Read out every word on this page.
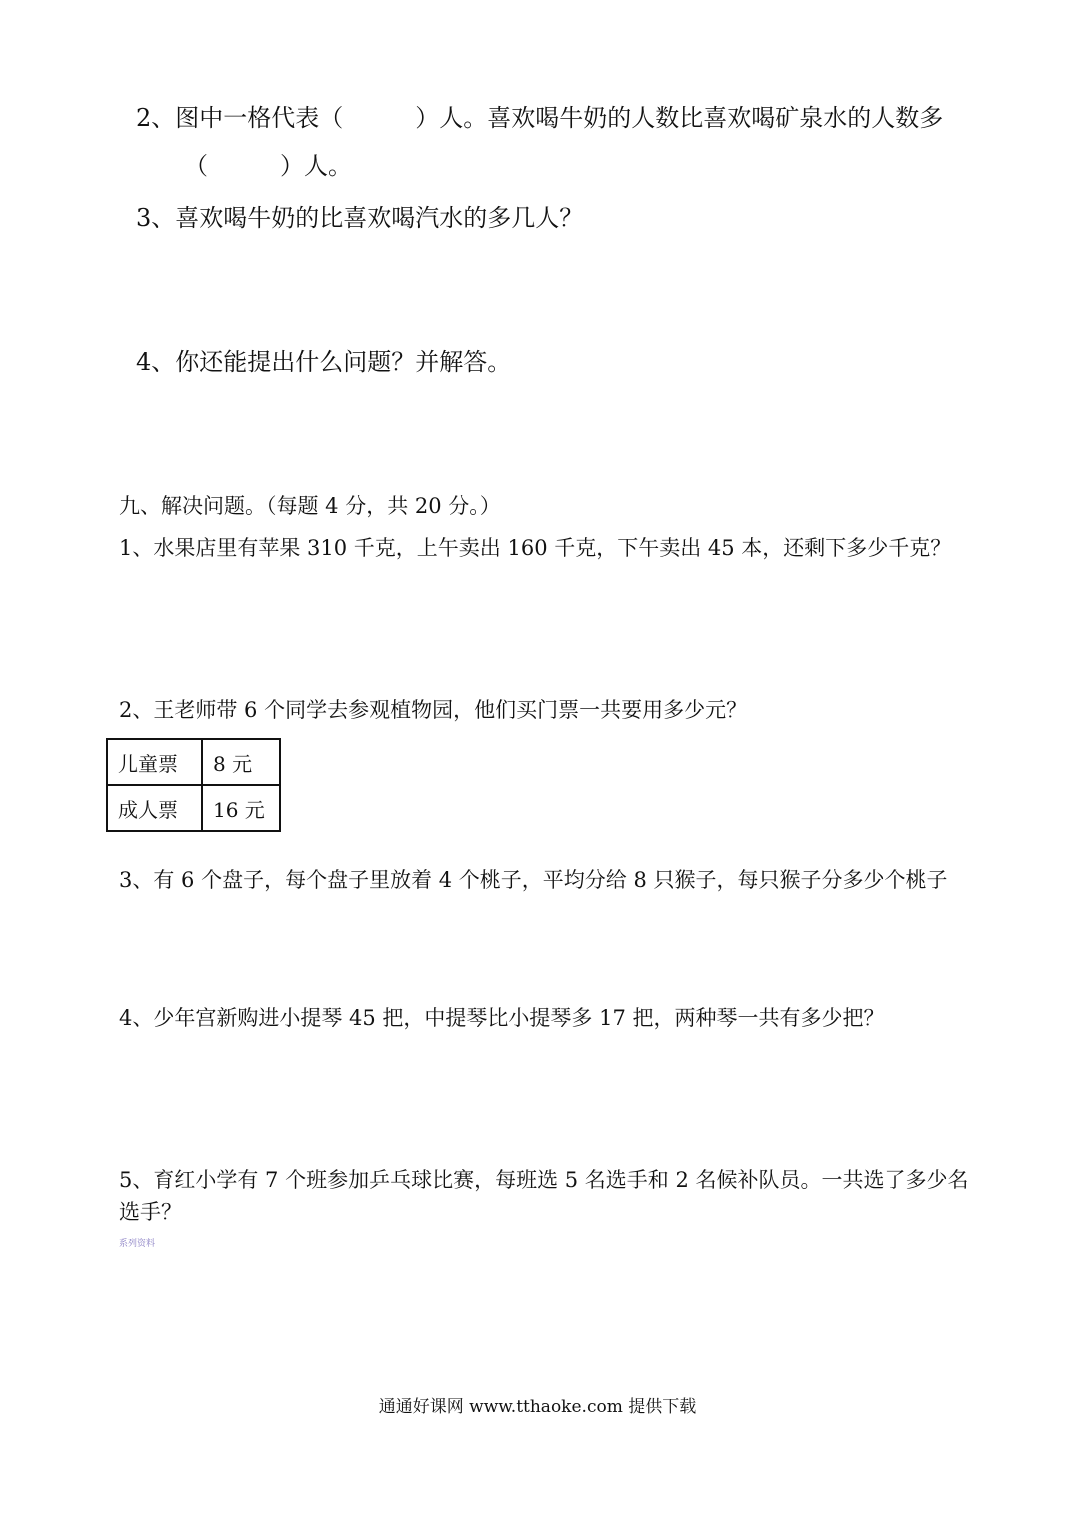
2、图中一格代表（　　　）人。喜欢喝牛奶的人数比喜欢喝矿泉水的人数多
（　　　）人。
3、喜欢喝牛奶的比喜欢喝汽水的多几人？
4、你还能提出什么问题？并解答。
九、解决问题。（每题 4 分，共 20 分。）
1、水果店里有苹果 310 千克，上午卖出 160 千克，下午卖出 45 本，还剩下多少千克？
2、王老师带 6 个同学去参观植物园，他们买门票一共要用多少元？
儿童票	8 元
成人票	16 元
3、有 6 个盘子，每个盘子里放着 4 个桃子，平均分给 8 只猴子，每只猴子分多少个桃子
4、少年宫新购进小提琴 45 把，中提琴比小提琴多 17 把，两种琴一共有多少把？
5、育红小学有 7 个班参加乒乓球比赛，每班选 5 名选手和 2 名候补队员。一共选了多少名
选手？
系列资料
通通好课网 www.tthaoke.com 提供下载
